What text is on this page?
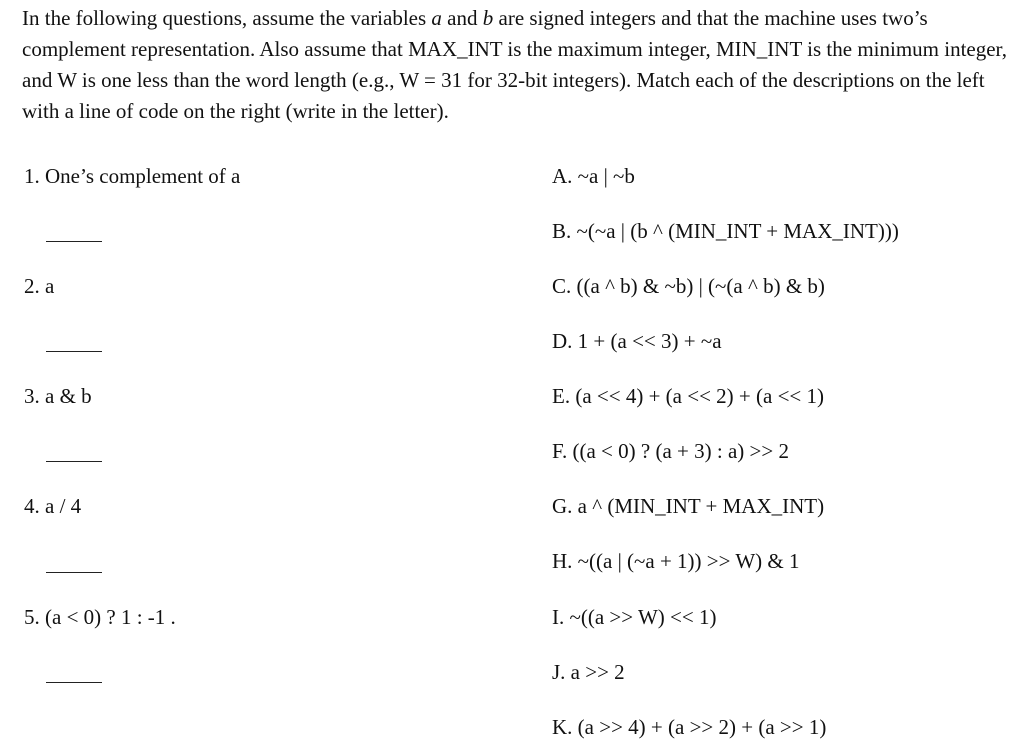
In the following questions, assume the variables a and b are signed integers and that the machine uses two’s complement representation. Also assume that MAX_INT is the maximum integer, MIN_INT is the minimum integer, and W is one less than the word length (e.g., W = 31 for 32-bit integers). Match each of the descriptions on the left with a line of code on the right (write in the letter).

1. One’s complement of a
2. a
3. a & b
4. a / 4
5. (a < 0) ? 1 : -1 .
A. ~a | ~b
B. ~(~a | (b ^ (MIN_INT + MAX_INT)))
C. ((a ^ b) & ~b) | (~(a ^ b) & b)
D. 1 + (a << 3) + ~a
E. (a << 4) + (a << 2) + (a << 1)
F. ((a < 0) ? (a + 3) : a) >> 2
G. a ^ (MIN_INT + MAX_INT)
H. ~((a | (~a + 1)) >> W) & 1
I. ~((a >> W) << 1)
J. a >> 2
K. (a >> 4) + (a >> 2) + (a >> 1)
